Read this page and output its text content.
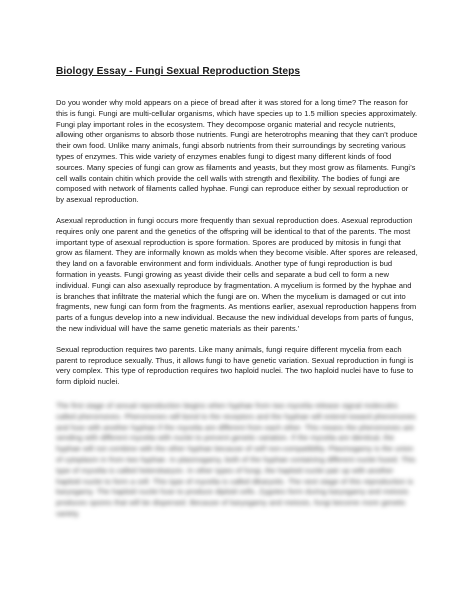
Biology Essay - Fungi Sexual Reproduction Steps

Do you wonder why mold appears on a piece of bread after it was stored for a long time? The reason for this is fungi. Fungi are multi-cellular organisms, which have species up to 1.5 million species approximately. Fungi play important roles in the ecosystem. They decompose organic material and recycle nutrients, allowing other organisms to absorb those nutrients. Fungi are heterotrophs meaning that they can’t produce their own food. Unlike many animals, fungi absorb nutrients from their surroundings by secreting various types of enzymes. This wide variety of enzymes enables fungi to digest many different kinds of food sources. Many species of fungi can grow as filaments and yeasts, but they most grow as filaments. Fungi’s cell walls contain chitin which provide the cell walls with strength and flexibility. The bodies of fungi are composed with network of filaments called hyphae. Fungi can reproduce either by sexual reproduction or by asexual reproduction.

Asexual reproduction in fungi occurs more frequently than sexual reproduction does. Asexual reproduction requires only one parent and the genetics of the offspring will be identical to that of the parents. The most important type of asexual reproduction is spore formation. Spores are produced by mitosis in fungi that grow as filament. They are informally known as molds when they become visible. After spores are released, they land on a favorable environment and form individuals. Another type of fungi reproduction is bud formation in yeasts. Fungi growing as yeast divide their cells and separate a bud cell to form a new individual. Fungi can also asexually reproduce by fragmentation. A mycelium is formed by the hyphae and is branches that infiltrate the material which the fungi are on. When the mycelium is damaged or cut into fragments, new fungi can form from the fragments. As mentions earlier, asexual reproduction happens from parts of a fungus develop into a new individual. Because the new individual develops from parts of fungus, the new individual will have the same genetic materials as their parents.’

Sexual reproduction requires two parents. Like many animals, fungi require different mycelia from each parent to reproduce sexually. Thus, it allows fungi to have genetic variation. Sexual reproduction in fungi is very complex. This type of reproduction requires two haploid nuclei. The two haploid nuclei have to fuse to form diploid nuclei.

The first stage of sexual reproduction begins when hyphae from two mycelia release signal molecules called pheromones. Pheromones will bond to the receptors and the hyphae will extend toward pheromones and fuse with another hyphae if the mycelia are different from each other. This means the pheromones are sending with different mycelia with nuclei to prevent genetic variation. If the mycelia are identical, the hyphae will not combine with the other hyphae because of self non-compatibility. Plasmogamy is the union of cytoplasm in from two hyphae. In plasmogamy, both of the hyphae containing different nuclei fused. This type of mycelia is called heterokaryon. In other types of fungi, the haploid nuclei pair up with another haploid nuclei to form a cell. This type of mycelia is called dikaryotic. The next stage of this reproduction is karyogamy. The haploid nuclei fuse to produce diploid cells. Zygotes form during karyogamy and meiosis produces spores that will be dispersed. Because of karyogamy and meiosis, fungi become more genetic variety.
